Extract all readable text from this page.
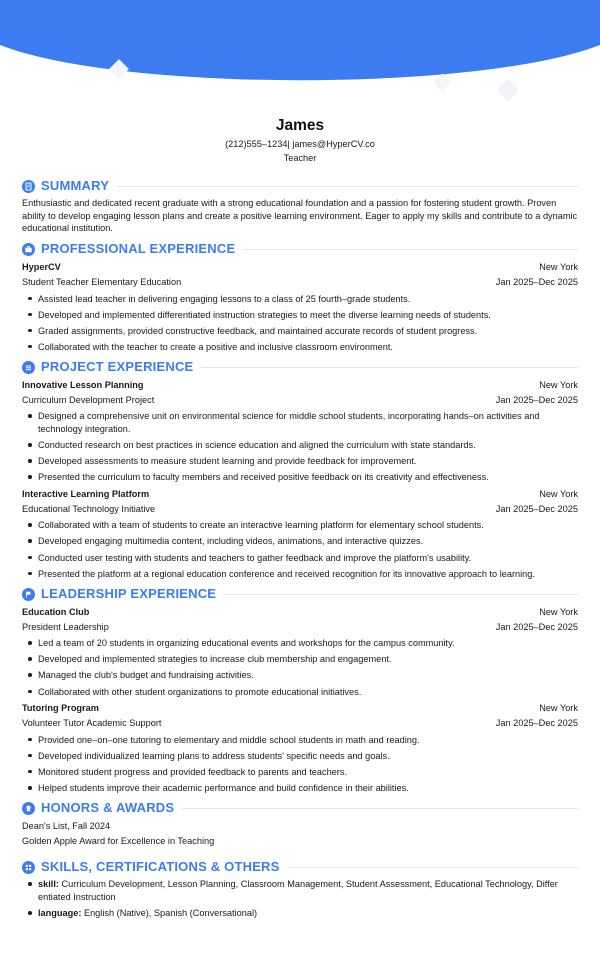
James
(212)555–1234| james@HyperCV.co
Teacher
SUMMARY

Enthusiastic and dedicated recent graduate with a strong educational foundation and a passion for fostering student growth. Proven ability to develop engaging lesson plans and create a positive learning environment. Eager to apply my skills and contribute to a dynamic educational institution.

PROFESSIONAL EXPERIENCE
HyperCV	New York
Student Teacher Elementary Education	Jan 2025–Dec 2025
Assisted lead teacher in delivering engaging lessons to a class of 25 fourth–grade students.
Developed and implemented differentiated instruction strategies to meet the diverse learning needs of students.
Graded assignments, provided constructive feedback, and maintained accurate records of student progress.
Collaborated with the teacher to create a positive and inclusive classroom environment.
PROJECT EXPERIENCE
Innovative Lesson Planning	New York
Curriculum Development Project	Jan 2025–Dec 2025
Designed a comprehensive unit on environmental science for middle school students, incorporating hands–on activities and technology integration.
Conducted research on best practices in science education and aligned the curriculum with state standards.
Developed assessments to measure student learning and provide feedback for improvement.
Presented the curriculum to faculty members and received positive feedback on its creativity and effectiveness.
Interactive Learning Platform	New York
Educational Technology Initiative	Jan 2025–Dec 2025
Collaborated with a team of students to create an interactive learning platform for elementary school students.
Developed engaging multimedia content, including videos, animations, and interactive quizzes.
Conducted user testing with students and teachers to gather feedback and improve the platform's usability.
Presented the platform at a regional education conference and received recognition for its innovative approach to learning.
LEADERSHIP EXPERIENCE
Education Club	New York
President Leadership	Jan 2025–Dec 2025
Led a team of 20 students in organizing educational events and workshops for the campus community.
Developed and implemented strategies to increase club membership and engagement.
Managed the club's budget and fundraising activities.
Collaborated with other student organizations to promote educational initiatives.
Tutoring Program	New York
Volunteer Tutor Academic Support	Jan 2025–Dec 2025
Provided one–on–one tutoring to elementary and middle school students in math and reading.
Developed individualized learning plans to address students' specific needs and goals.
Monitored student progress and provided feedback to parents and teachers.
Helped students improve their academic performance and build confidence in their abilities.
HONORS & AWARDS
Dean's List, Fall 2024
Golden Apple Award for Excellence in Teaching
SKILLS, CERTIFICATIONS & OTHERS
skill: Curriculum Development, Lesson Planning, Classroom Management, Student Assessment, Educational Technology, Differ entiated Instruction
language: English (Native), Spanish (Conversational)
